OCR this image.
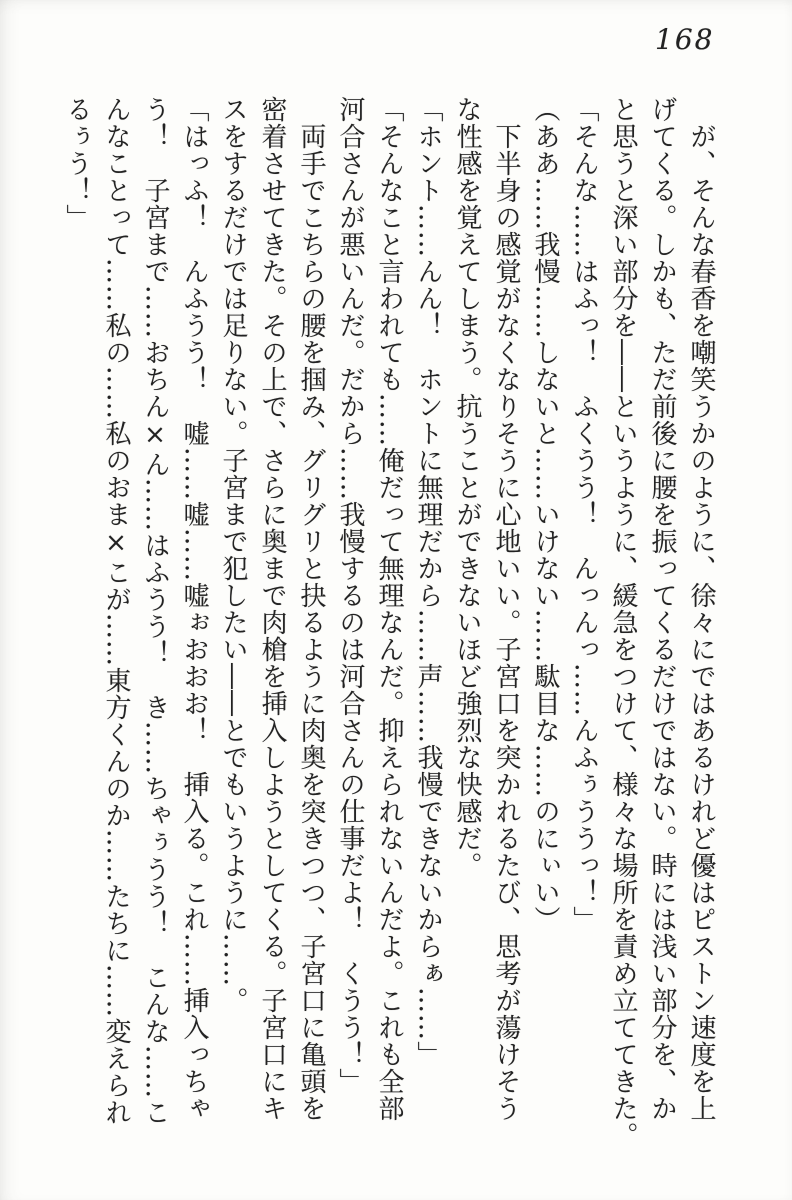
168

　が、そんな春香を嘲笑うかのように、徐々にではあるけれど優はピストン速度を上

げてくる。しかも、ただ前後に腰を振ってくるだけではない。時には浅い部分を、か

と思うと深い部分を――というように、緩急をつけて、様々な場所を責め立ててきた。

「そんな……はふっ！　ふくうう！　んっんっ……んふぅううっ！」

（ああ……我慢……しないと……いけない……駄目な……のにぃい）

　下半身の感覚がなくなりそうに心地いい。子宮口を突かれるたび、思考が蕩けそう

な性感を覚えてしまう。抗うことができないほど強烈な快感だ。

「ホント……んん！　ホントに無理だから……声……我慢できないからぁ……」

「そんなこと言われても……俺だって無理なんだ。抑えられないんだよ。これも全部

河合さんが悪いんだ。だから……我慢するのは河合さんの仕事だよ！　くうう！」

　両手でこちらの腰を掴み、グリグリと抉るように肉奥を突きつつ、子宮口に亀頭を

密着させてきた。その上で、さらに奥まで肉槍を挿入しようとしてくる。子宮口にキ

スをするだけでは足りない。子宮まで犯したい――とでもいうように……。

「はっふ！　んふうう！　嘘……嘘……嘘ぉおおお！　挿入る。これ……挿入っちゃ

う！　子宮まで……おちん×ん……はふうう！　き……ちゃぅうう！　こんな……こ

んなことって……私の……私のおま×こが……東方くんのか……たちに……変えられ

るぅう！」
